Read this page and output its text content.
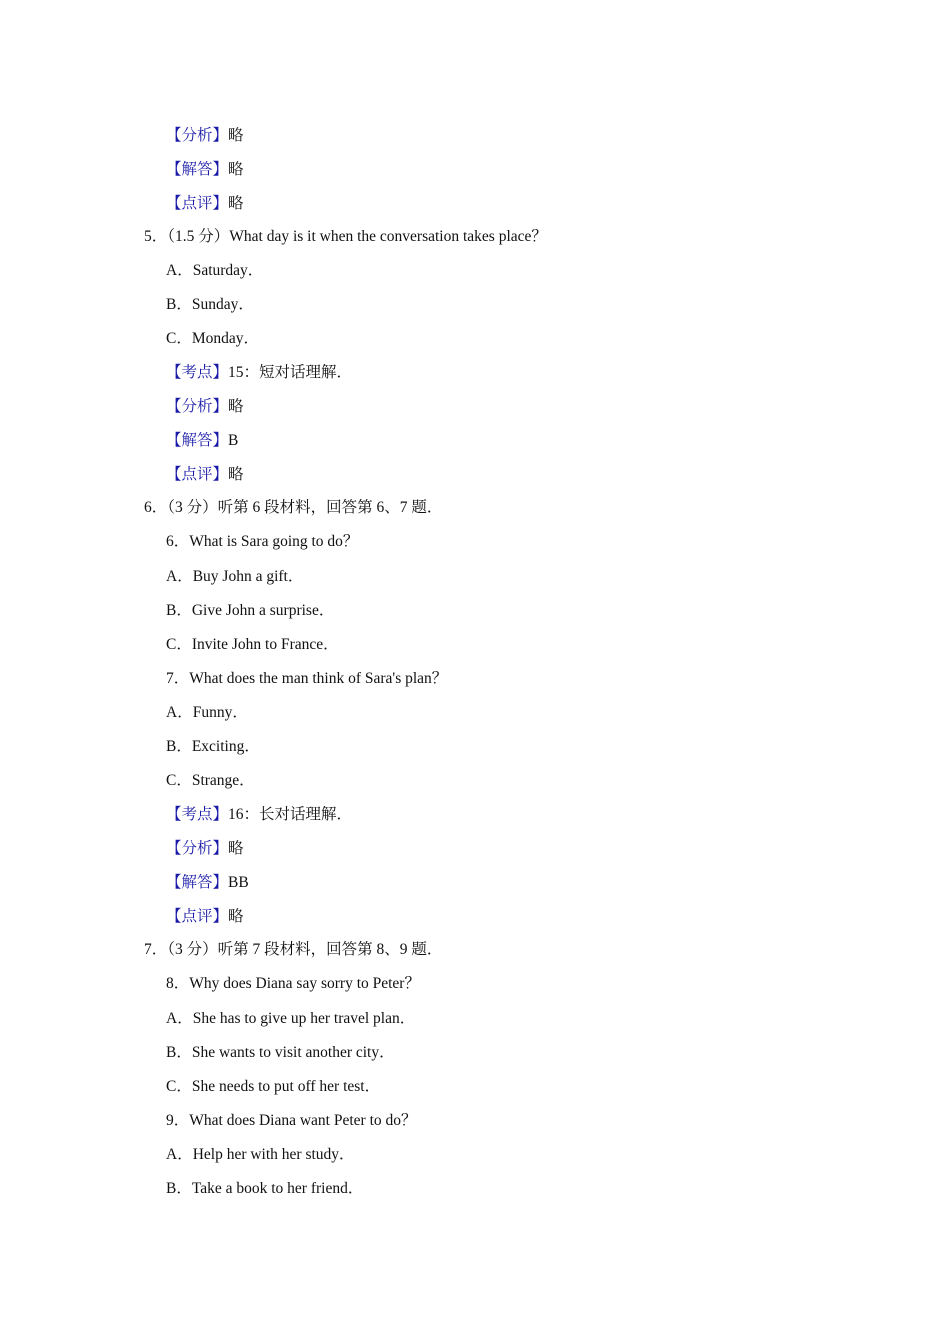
【分析】略
【解答】略
【点评】略
5．（1.5 分）What day is it when the conversation takes place？
A．Saturday．
B．Sunday．
C．Monday．
【考点】15：短对话理解．
【分析】略
【解答】B
【点评】略
6．（3 分）听第 6 段材料，回答第 6、7 题．
6．What is Sara going to do？
A．Buy John a gift．
B．Give John a surprise．
C．Invite John to France．
7．What does the man think of Sara's plan？
A．Funny．
B．Exciting．
C．Strange．
【考点】16：长对话理解．
【分析】略
【解答】BB
【点评】略
7．（3 分）听第 7 段材料，回答第 8、9 题．
8．Why does Diana say sorry to Peter？
A．She has to give up her travel plan．
B．She wants to visit another city．
C．She needs to put off her test．
9．What does Diana want Peter to do？
A．Help her with her study．
B．Take a book to her friend．
